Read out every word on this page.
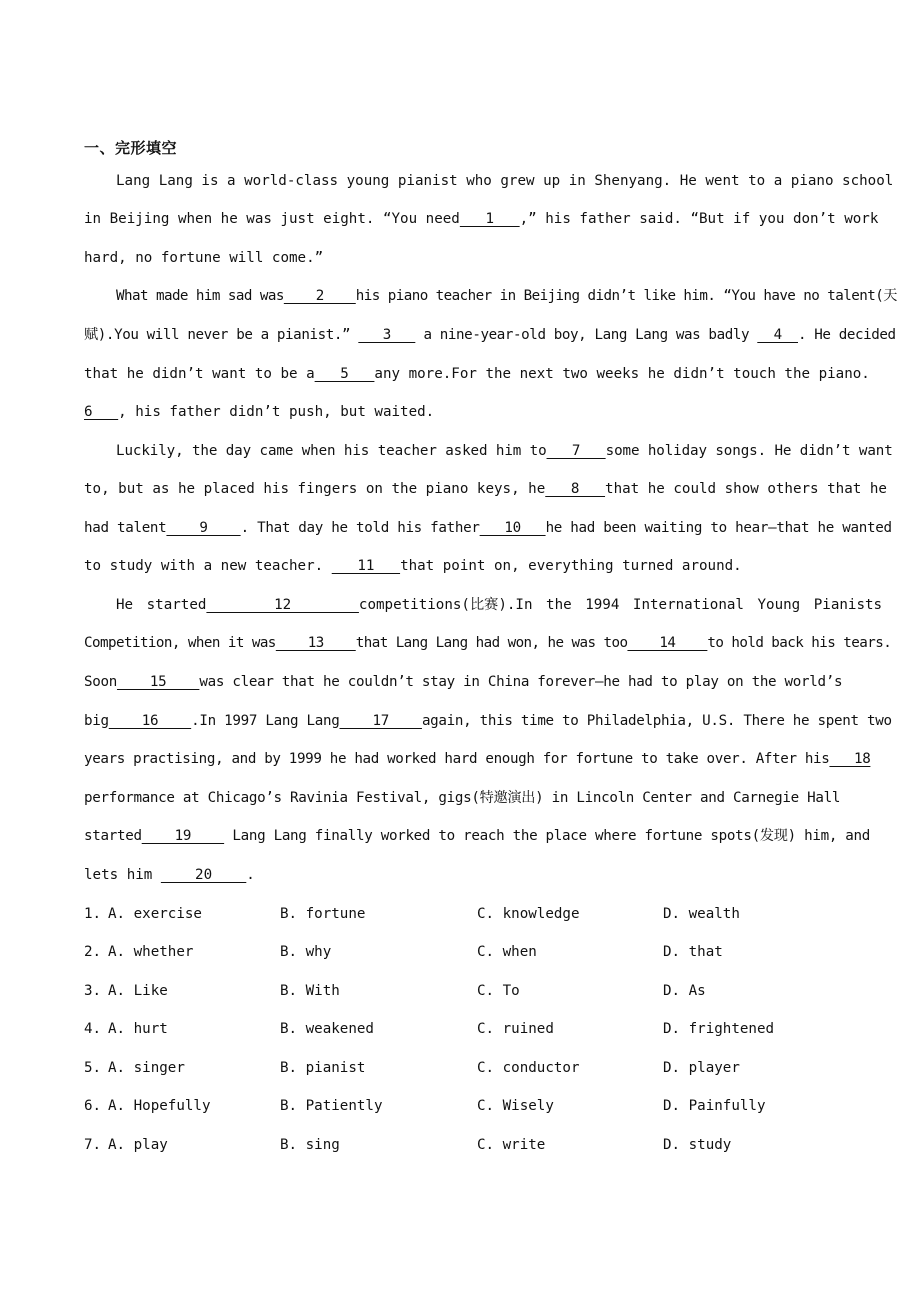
一、完形填空
Lang Lang is a world-class young pianist who grew up in Shenyang. He went to a piano school
in Beijing when he was just eight. “You need   1   ,” his father said. “But if you don’t work
hard, no fortune will come.”
What made him sad was    2    his piano teacher in Beijing didn’t like him. “You have no talent(天
赋).You will never be a pianist.”    3    a nine-year-old boy, Lang Lang was badly   4  . He decided
that he didn’t want to be a   5   any more.For the next two weeks he didn’t touch the piano.
6   , his father didn’t push, but waited.
Luckily, the day came when his teacher asked him to   7   some holiday songs. He didn’t want
to, but as he placed his fingers on the piano keys, he   8   that he could show others that he
had talent    9    . That day he told his father   10   he had been waiting to hear—that he wanted
to study with a new teacher.    11   that point on, everything turned around.
He started     12     competitions(比赛).In the 1994 International Young Pianists
Competition, when it was    13    that Lang Lang had won, he was too    14    to hold back his tears.
Soon    15    was clear that he couldn’t stay in China forever—he had to play on the world’s
big    16    .In 1997 Lang Lang    17    again, this time to Philadelphia, U.S. There he spent two
years practising, and by 1999 he had worked hard enough for fortune to take over. After his   18
performance at Chicago’s Ravinia Festival, gigs(特邀演出) in Lincoln Center and Carnegie Hall
started    19     Lang Lang finally worked to reach the place where fortune spots(发现) him, and
lets him     20    .
1. A. exercise	B. fortune	C. knowledge	D. wealth
2. A. whether	B. why	C. when	D. that
3. A. Like	B. With	C. To	D. As
4. A. hurt	B. weakened	C. ruined	D. frightened
5. A. singer	B. pianist	C. conductor	D. player
6. A. Hopefully	B. Patiently	C. Wisely	D. Painfully
7. A. play	B. sing	C. write	D. study
